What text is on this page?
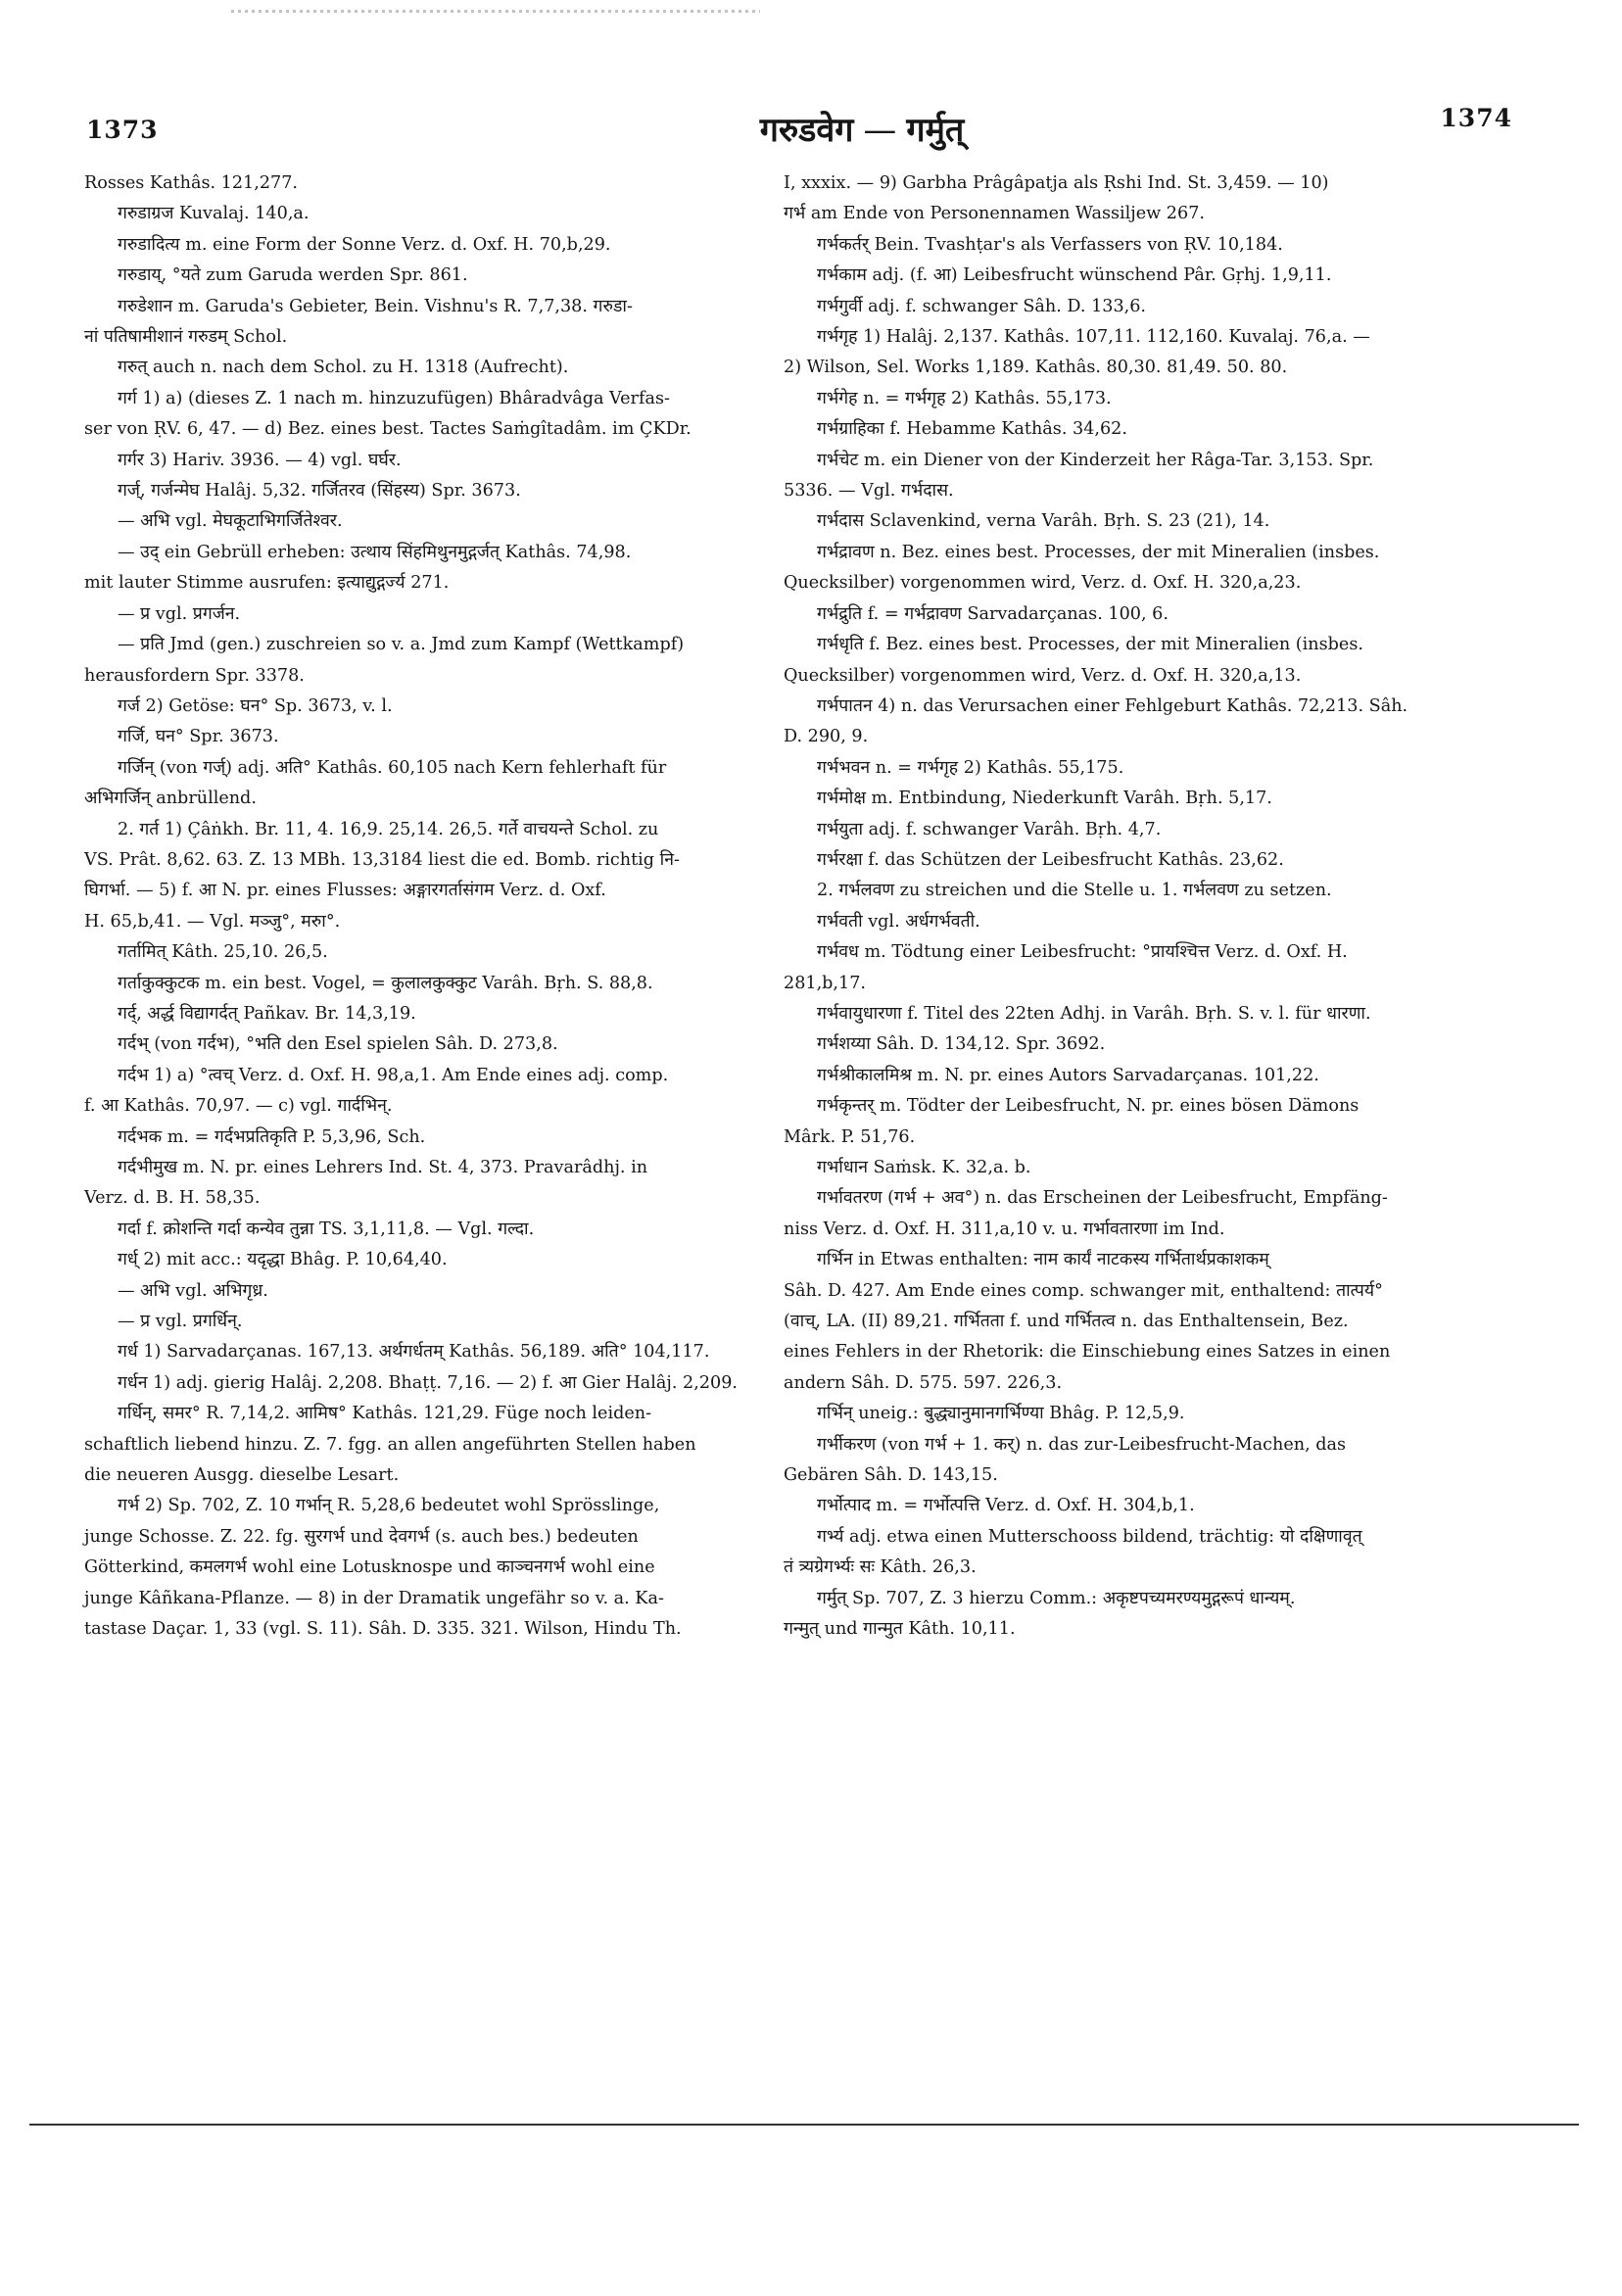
1373	गरुडवेग — गर्मुत्	1374

Rosses Kathâs. 121,277.

गरुडाग्रज Kuvalaj. 140,a.

गरुडादित्य m. eine Form der Sonne Verz. d. Oxf. H. 70,b,29.

गरुडाय्, °यते zum Garuda werden Spr. 861.

गरुडेशान m. Garuda's Gebieter, Bein. Vishnu's R. 7,7,38. गरुडा-

नां पतिषामीशानं गरुडम् Schol.

गरुत् auch n. nach dem Schol. zu H. 1318 (Aufrecht).

गर्ग 1) a) (dieses Z. 1 nach m. hinzuzufügen) Bhâradvâga Verfas-

ser von ṚV. 6, 47. — d) Bez. eines best. Tactes Saṁgîtadâm. im ÇKDr.

गर्गर 3) Hariv. 3936. — 4) vgl. घर्घर.

गर्ज्, गर्जन्मेघ Halâj. 5,32. गर्जितरव (सिंहस्य) Spr. 3673.

— अभि vgl. मेघकूटाभिगर्जितेश्वर.

— उद् ein Gebrüll erheben: उत्थाय सिंहमिथुनमुद्गर्जत् Kathâs. 74,98.

mit lauter Stimme ausrufen: इत्याद्युद्गर्ज्य 271.

— प्र vgl. प्रगर्जन.

— प्रति Jmd (gen.) zuschreien so v. a. Jmd zum Kampf (Wettkampf)

herausfordern Spr. 3378.

गर्ज 2) Getöse: घन° Sp. 3673, v. l.

गर्जि, घन° Spr. 3673.

गर्जिन् (von गर्ज्) adj. अति° Kathâs. 60,105 nach Kern fehlerhaft für

अभिगर्जिन् anbrüllend.

2. गर्त 1) Çâṅkh. Br. 11, 4. 16,9. 25,14. 26,5. गर्ते वाचयन्ते Schol. zu

VS. Prât. 8,62. 63. Z. 13 MBh. 13,3184 liest die ed. Bomb. richtig नि-

घिगर्भा. — 5) f. आ N. pr. eines Flusses: अङ्गारगर्तासंगम Verz. d. Oxf.

H. 65,b,41. — Vgl. मञ्जु°, मरुा°.

गर्तामित् Kâth. 25,10. 26,5.

गर्ताकुक्कुटक m. ein best. Vogel, = कुलालकुक्कुट Varâh. Bṛh. S. 88,8.

गर्द्, अर्द्ध विद्यागर्दत् Pañkav. Br. 14,3,19.

गर्दभ् (von गर्दभ), °भति den Esel spielen Sâh. D. 273,8.

गर्दभ 1) a) °त्वच् Verz. d. Oxf. H. 98,a,1. Am Ende eines adj. comp.

f. आ Kathâs. 70,97. — c) vgl. गार्दभिन्.

गर्दभक m. = गर्दभप्रतिकृति P. 5,3,96, Sch.

गर्दभीमुख m. N. pr. eines Lehrers Ind. St. 4, 373. Pravarâdhj. in

Verz. d. B. H. 58,35.

गर्दा f. क्रोशन्ति गर्दा कन्येव तुन्ना TS. 3,1,11,8. — Vgl. गल्दा.

गर्ध् 2) mit acc.: यदृद्धा Bhâg. P. 10,64,40.

— अभि vgl. अभिगृध्र.

— प्र vgl. प्रगर्धिन्.

गर्ध 1) Sarvadarçanas. 167,13. अर्थगर्धतम् Kathâs. 56,189. अति° 104,117.

गर्धन 1) adj. gierig Halâj. 2,208. Bhaṭṭ. 7,16. — 2) f. आ Gier Halâj. 2,209.

गर्धिन्, समर° R. 7,14,2. आमिष° Kathâs. 121,29. Füge noch leiden-

schaftlich liebend hinzu. Z. 7. fgg. an allen angeführten Stellen haben

die neueren Ausgg. dieselbe Lesart.

गर्भ 2) Sp. 702, Z. 10 गर्भान् R. 5,28,6 bedeutet wohl Sprösslinge,

junge Schosse. Z. 22. fg. सुरगर्भ und देवगर्भ (s. auch bes.) bedeuten

Götterkind, कमलगर्भ wohl eine Lotusknospe und काञ्चनगर्भ wohl eine

junge Kâñkana-Pflanze. — 8) in der Dramatik ungefähr so v. a. Ka-

tastase Daçar. 1, 33 (vgl. S. 11). Sâh. D. 335. 321. Wilson, Hindu Th.

I, xxxix. — 9) Garbha Prâgâpatja als Ṛshi Ind. St. 3,459. — 10)

गर्भ am Ende von Personennamen Wassiljew 267.

गर्भकर्तर् Bein. Tvashṭar's als Verfassers von ṚV. 10,184.

गर्भकाम adj. (f. आ) Leibesfrucht wünschend Pâr. Gṛhj. 1,9,11.

गर्भगुर्वी adj. f. schwanger Sâh. D. 133,6.

गर्भगृह 1) Halâj. 2,137. Kathâs. 107,11. 112,160. Kuvalaj. 76,a. —

2) Wilson, Sel. Works 1,189. Kathâs. 80,30. 81,49. 50. 80.

गर्भगेह n. = गर्भगृह 2) Kathâs. 55,173.

गर्भग्राहिका f. Hebamme Kathâs. 34,62.

गर्भचेट m. ein Diener von der Kinderzeit her Râga-Tar. 3,153. Spr.

5336. — Vgl. गर्भदास.

गर्भदास Sclavenkind, verna Varâh. Bṛh. S. 23 (21), 14.

गर्भद्रावण n. Bez. eines best. Processes, der mit Mineralien (insbes.

Quecksilber) vorgenommen wird, Verz. d. Oxf. H. 320,a,23.

गर्भद्रुति f. = गर्भद्रावण Sarvadarçanas. 100, 6.

गर्भधृति f. Bez. eines best. Processes, der mit Mineralien (insbes.

Quecksilber) vorgenommen wird, Verz. d. Oxf. H. 320,a,13.

गर्भपातन 4) n. das Verursachen einer Fehlgeburt Kathâs. 72,213. Sâh.

D. 290, 9.

गर्भभवन n. = गर्भगृह 2) Kathâs. 55,175.

गर्भमोक्ष m. Entbindung, Niederkunft Varâh. Bṛh. 5,17.

गर्भयुता adj. f. schwanger Varâh. Bṛh. 4,7.

गर्भरक्षा f. das Schützen der Leibesfrucht Kathâs. 23,62.

2. गर्भलवण zu streichen und die Stelle u. 1. गर्भलवण zu setzen.

गर्भवती vgl. अर्धगर्भवती.

गर्भवध m. Tödtung einer Leibesfrucht: °प्रायश्चित्त Verz. d. Oxf. H.

281,b,17.

गर्भवायुधारणा f. Titel des 22ten Adhj. in Varâh. Bṛh. S. v. l. für धारणा.

गर्भशय्या Sâh. D. 134,12. Spr. 3692.

गर्भश्रीकालमिश्र m. N. pr. eines Autors Sarvadarçanas. 101,22.

गर्भकृन्तर् m. Tödter der Leibesfrucht, N. pr. eines bösen Dämons

Mârk. P. 51,76.

गर्भाधान Saṁsk. K. 32,a. b.

गर्भावतरण (गर्भ + अव°) n. das Erscheinen der Leibesfrucht, Empfäng-

niss Verz. d. Oxf. H. 311,a,10 v. u. गर्भावतारणा im Ind.

गर्भिन in Etwas enthalten: नाम कार्यं नाटकस्य गर्भितार्थप्रकाशकम्

Sâh. D. 427. Am Ende eines comp. schwanger mit, enthaltend: तात्पर्य°

(वाच्, LA. (II) 89,21. गर्भितता f. und गर्भितत्व n. das Enthaltensein, Bez.

eines Fehlers in der Rhetorik: die Einschiebung eines Satzes in einen

andern Sâh. D. 575. 597. 226,3.

गर्भिन् uneig.: बुद्ध्यानुमानगर्भिण्या Bhâg. P. 12,5,9.

गर्भीकरण (von गर्भ + 1. कर्) n. das zur-Leibesfrucht-Machen, das

Gebären Sâh. D. 143,15.

गर्भोत्पाद m. = गर्भोत्पत्ति Verz. d. Oxf. H. 304,b,1.

गर्भ्य adj. etwa einen Mutterschooss bildend, trächtig: यो दक्षिणावृत्

तं त्र्यग्रेगर्भ्यः सः Kâth. 26,3.

गर्मुत् Sp. 707, Z. 3 hierzu Comm.: अकृष्टपच्यमरण्यमुद्गरूपं धान्यम्.

गन्मुत् und गान्मुत Kâth. 10,11.
